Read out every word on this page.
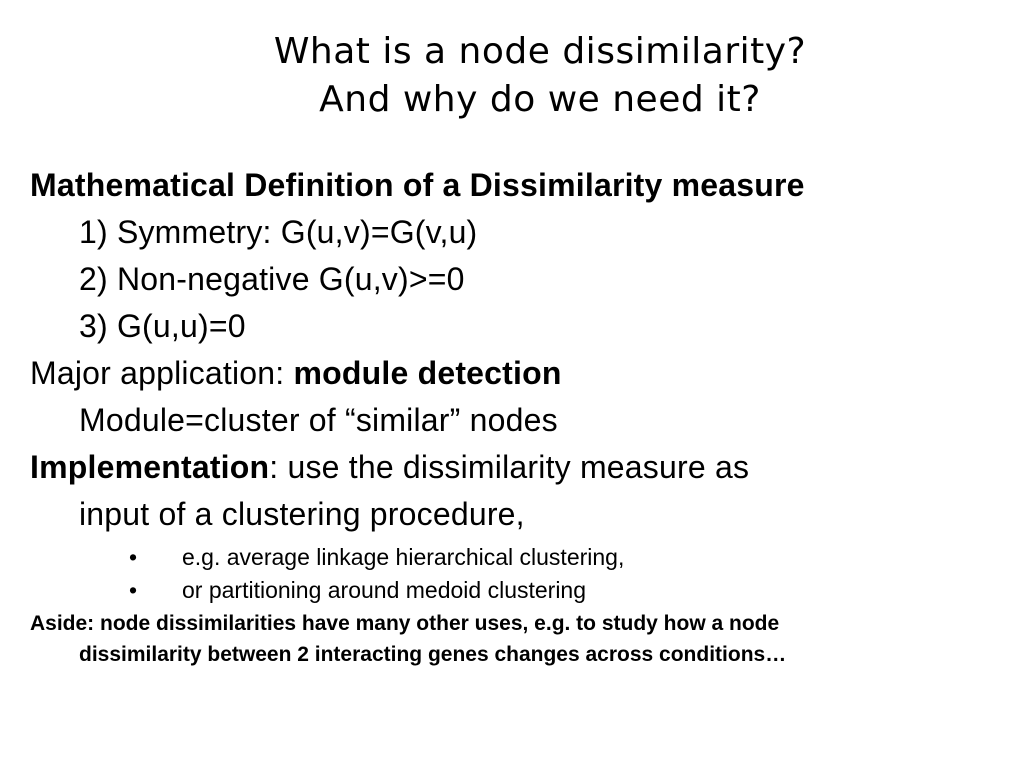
What is a node dissimilarity?
And why do we need it?
Mathematical Definition of a Dissimilarity measure
1) Symmetry: G(u,v)=G(v,u)
2) Non-negative G(u,v)>=0
3) G(u,u)=0
Major application: module detection
Module=cluster of “similar” nodes
Implementation: use the dissimilarity measure as
input of a clustering procedure,
• e.g. average linkage hierarchical clustering,
• or partitioning around medoid clustering
Aside: node dissimilarities have many other uses, e.g. to study how a node
dissimilarity between 2 interacting genes changes across conditions…
